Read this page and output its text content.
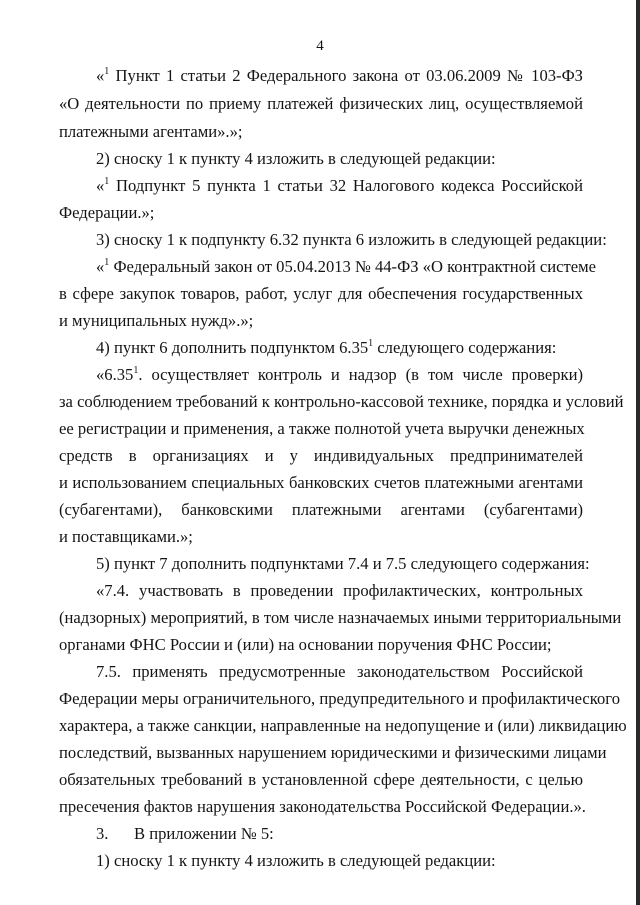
4
«$^1$ Пункт 1 статьи 2 Федерального закона от 03.06.2009 № 103-ФЗ
«О деятельности по приему платежей физических лиц, осуществляемой
платежными агентами».»;
2) сноску 1 к пункту 4 изложить в следующей редакции:
«$^1$ Подпункт 5 пункта 1 статьи 32 Налогового кодекса Российской
Федерации.»;
3) сноску 1 к подпункту 6.32 пункта 6 изложить в следующей редакции:
«$^1$ Федеральный закон от 05.04.2013 № 44-ФЗ «О контрактной системе
в сфере закупок товаров, работ, услуг для обеспечения государственных
и муниципальных нужд».»;
4) пункт 6 дополнить подпунктом 6.35$^1$ следующего содержания:
«6.35$^1$. осуществляет контроль и надзор (в том числе проверки)
за соблюдением требований к контрольно-кассовой технике, порядка и условий
ее регистрации и применения, а также полнотой учета выручки денежных
средств в организациях и у индивидуальных предпринимателей
и использованием специальных банковских счетов платежными агентами
(субагентами), банковскими платежными агентами (субагентами)
и поставщиками.»;
5) пункт 7 дополнить подпунктами 7.4 и 7.5 следующего содержания:
«7.4. участвовать в проведении профилактических, контрольных
(надзорных) мероприятий, в том числе назначаемых иными территориальными
органами ФНС России и (или) на основании поручения ФНС России;
7.5. применять предусмотренные законодательством Российской
Федерации меры ограничительного, предупредительного и профилактического
характера, а также санкции, направленные на недопущение и (или) ликвидацию
последствий, вызванных нарушением юридическими и физическими лицами
обязательных требований в установленной сфере деятельности, с целью
пресечения фактов нарушения законодательства Российской Федерации.».
3. В приложении № 5:
1) сноску 1 к пункту 4 изложить в следующей редакции:
